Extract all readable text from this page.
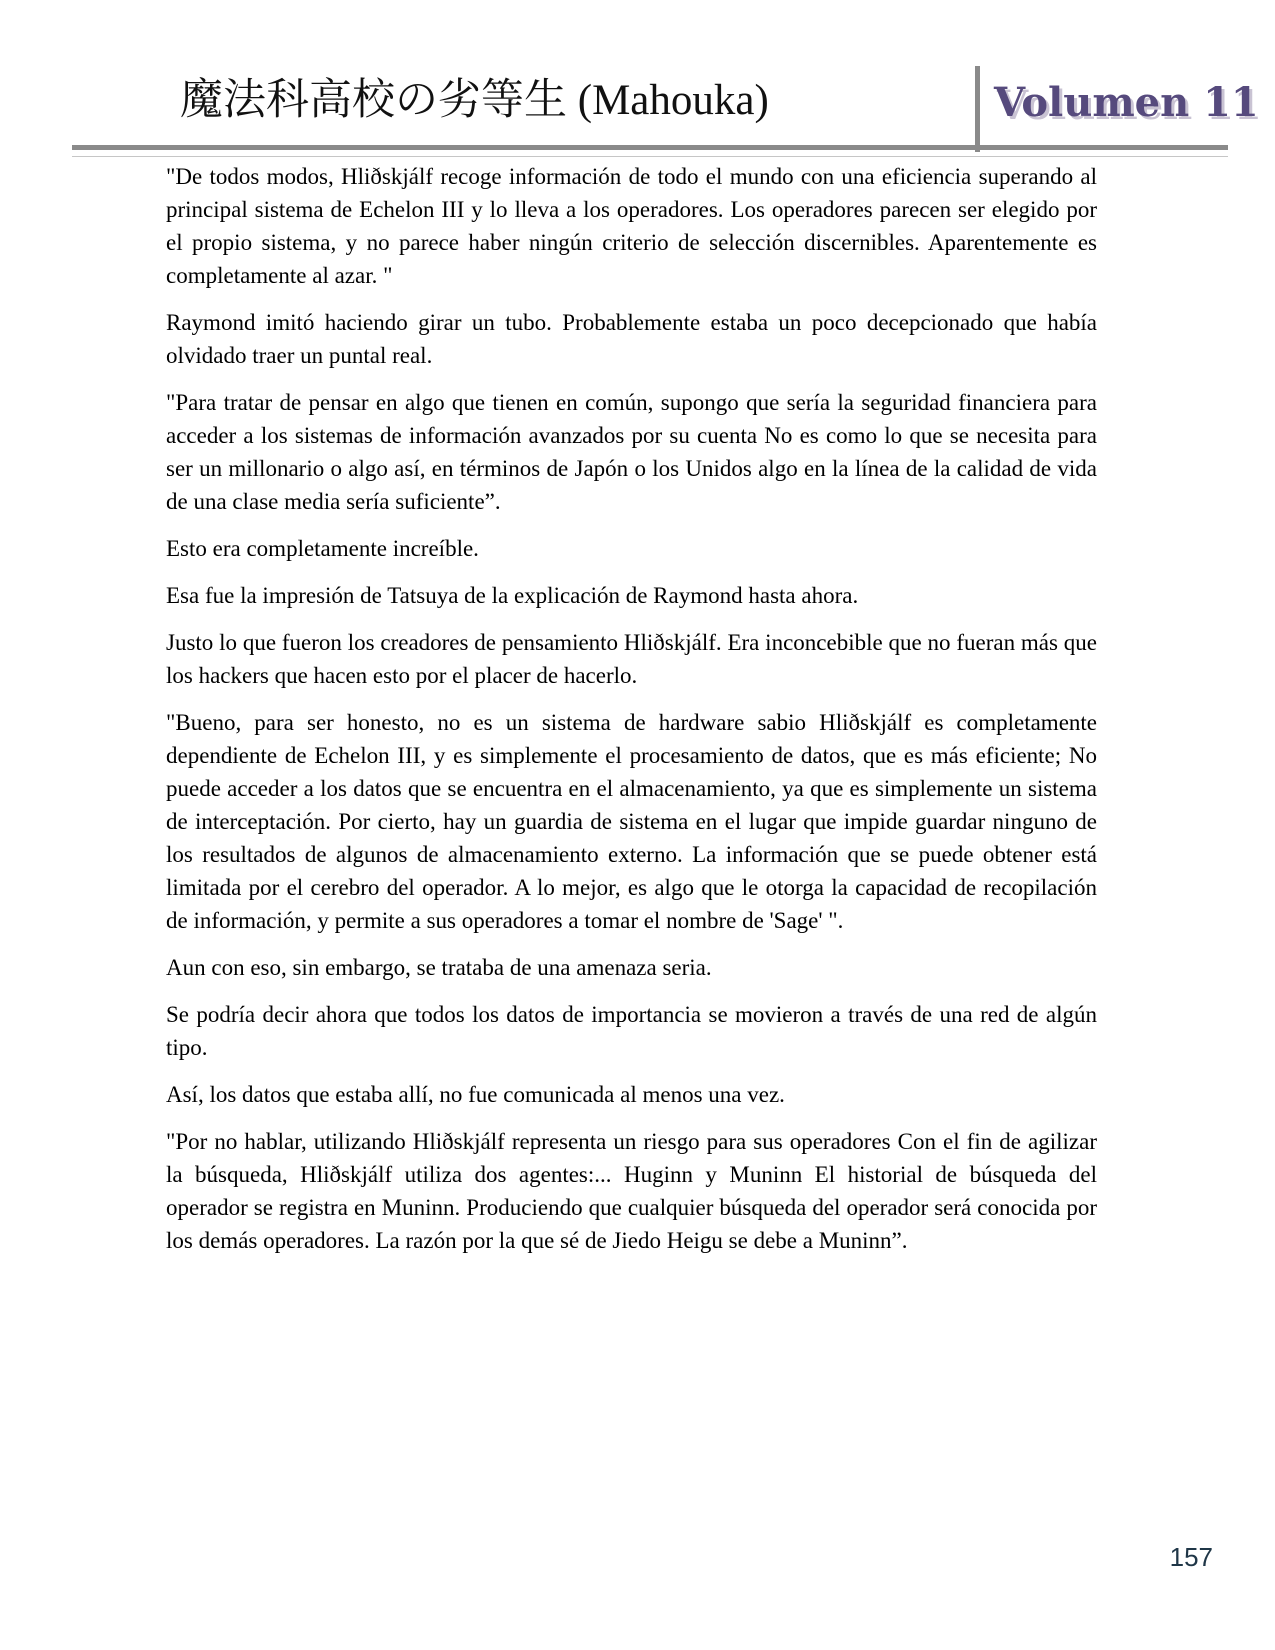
魔法科高校の劣等生 (Mahouka)	Volumen 11

"De todos modos, Hliðskjálf recoge información de todo el mundo con una eficiencia superando al principal sistema de Echelon III y lo lleva a los operadores. Los operadores parecen ser elegido por el propio sistema, y no parece haber ningún criterio de selección discernibles. Aparentemente es completamente al azar. "

Raymond imitó haciendo girar un tubo. Probablemente estaba un poco decepcionado que había olvidado traer un puntal real.

"Para tratar de pensar en algo que tienen en común, supongo que sería la seguridad financiera para acceder a los sistemas de información avanzados por su cuenta No es como lo que se necesita para ser un millonario o algo así, en términos de Japón o los Unidos algo en la línea de la calidad de vida de una clase media sería suficiente”.

Esto era completamente increíble.

Esa fue la impresión de Tatsuya de la explicación de Raymond hasta ahora.

Justo lo que fueron los creadores de pensamiento Hliðskjálf. Era inconcebible que no fueran más que los hackers que hacen esto por el placer de hacerlo.

"Bueno, para ser honesto, no es un sistema de hardware sabio Hliðskjálf es completamente dependiente de Echelon III, y es simplemente el procesamiento de datos, que es más eficiente; No puede acceder a los datos que se encuentra en el almacenamiento, ya que es simplemente un sistema de interceptación. Por cierto, hay un guardia de sistema en el lugar que impide guardar ninguno de los resultados de algunos de almacenamiento externo. La información que se puede obtener está limitada por el cerebro del operador. A lo mejor, es algo que le otorga la capacidad de recopilación de información, y permite a sus operadores a tomar el nombre de 'Sage' ".

Aun con eso, sin embargo, se trataba de una amenaza seria.

Se podría decir ahora que todos los datos de importancia se movieron a través de una red de algún tipo.

Así, los datos que estaba allí, no fue comunicada al menos una vez.

"Por no hablar, utilizando Hliðskjálf representa un riesgo para sus operadores Con el fin de agilizar la búsqueda, Hliðskjálf utiliza dos agentes:... Huginn y Muninn El historial de búsqueda del operador se registra en Muninn. Produciendo que cualquier búsqueda del operador será conocida por los demás operadores. La razón por la que sé de Jiedo Heigu se debe a Muninn”.

157
